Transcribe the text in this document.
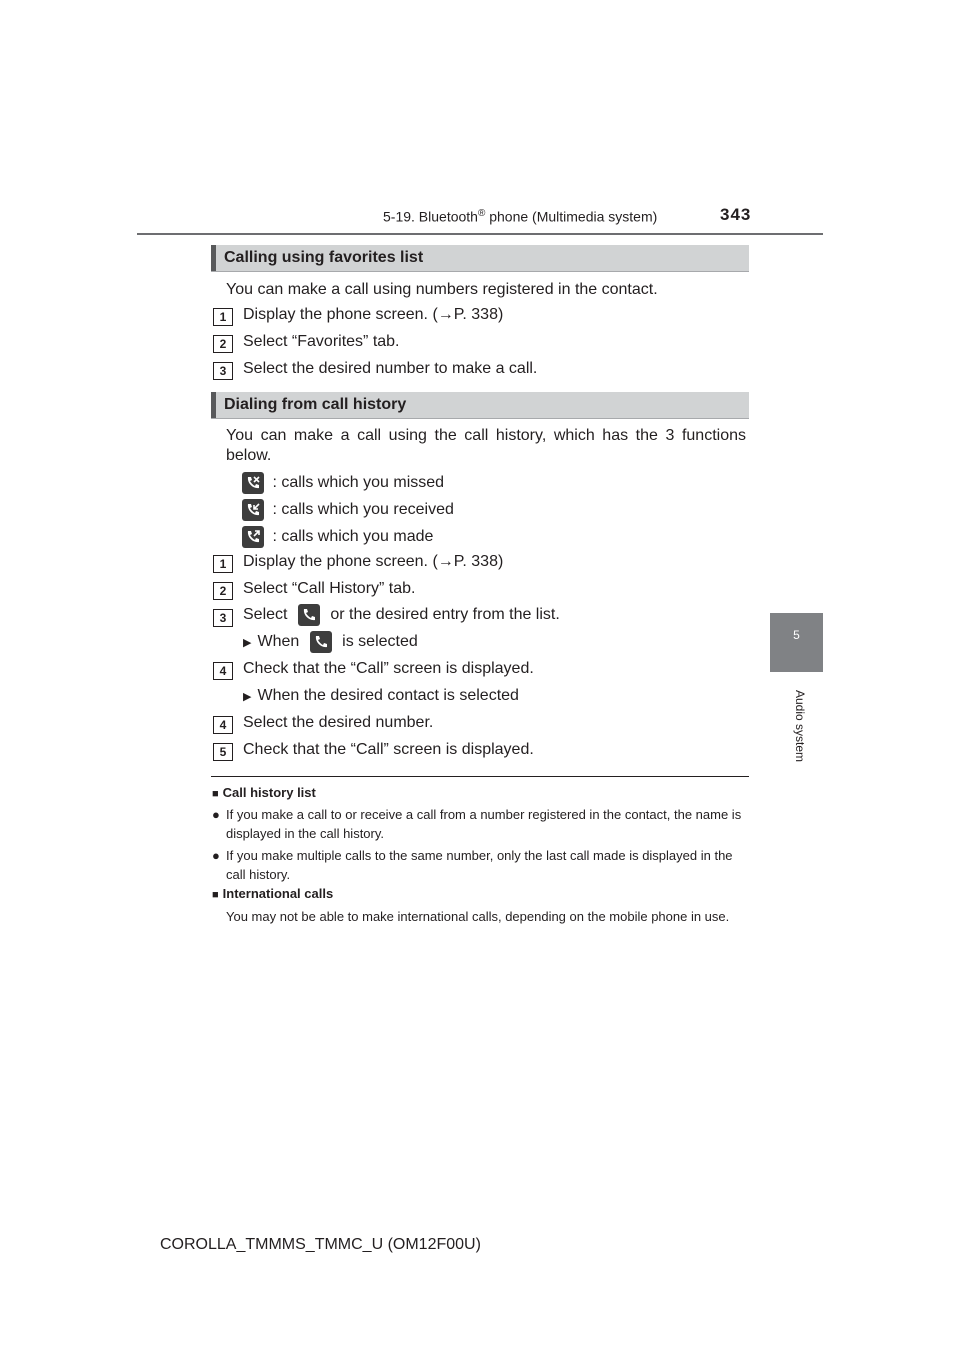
5-19. Bluetooth® phone (Multimedia system)	343
5
Audio system
Calling using favorites list
You can make a call using numbers registered in the contact.
1	Display the phone screen. (→P. 338)
2	Select “Favorites” tab.
3	Select the desired number to make a call.
Dialing from call history
You can make a call using the call history, which has the 3 functions below.
: calls which you missed
: calls which you received
: calls which you made
1	Display the phone screen. (→P. 338)
2	Select “Call History” tab.
3	Select	or the desired entry from the list.
▶ When	is selected
4	Check that the “Call” screen is displayed.
▶ When the desired contact is selected
4	Select the desired number.
5	Check that the “Call” screen is displayed.
■ Call history list
● If you make a call to or receive a call from a number registered in the contact, the name is displayed in the call history.
● If you make multiple calls to the same number, only the last call made is displayed in the call history.
■ International calls
You may not be able to make international calls, depending on the mobile phone in use.
COROLLA_TMMMS_TMMC_U (OM12F00U)
